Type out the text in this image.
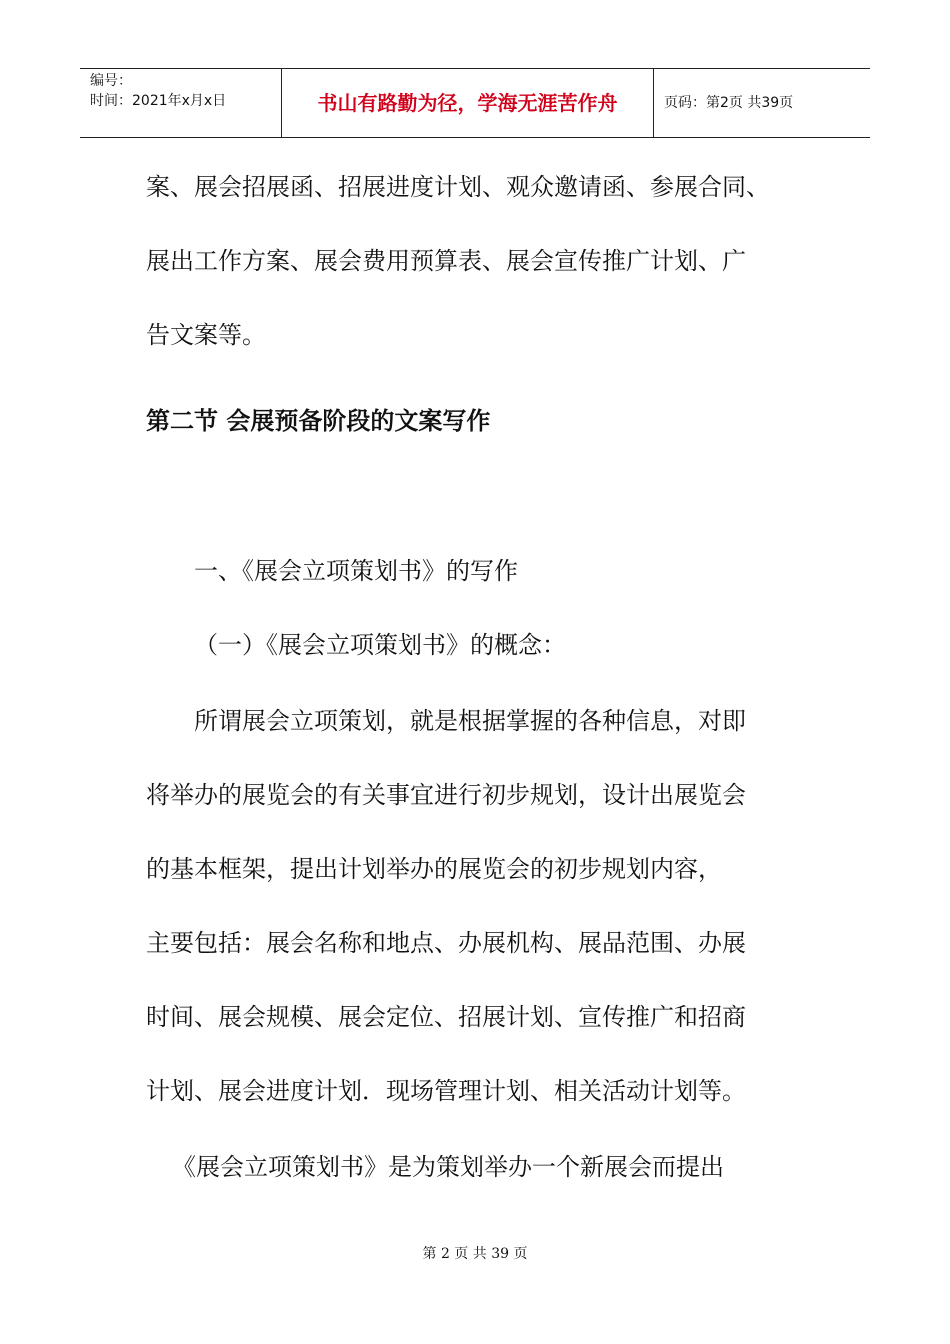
编号：
时间：2021年x月x日	书山有路勤为径，学海无涯苦作舟	页码：第2页 共39页
案、展会招展函、招展进度计划、观众邀请函、参展合同、
展出工作方案、展会费用预算表、展会宣传推广计划、广
告文案等。
第二节 会展预备阶段的文案写作
一、《展会立项策划书》的写作
（一）《展会立项策划书》的概念：
所谓展会立项策划，就是根据掌握的各种信息，对即
将举办的展览会的有关事宜进行初步规划，设计出展览会
的基本框架，提出计划举办的展览会的初步规划内容，
主要包括：展会名称和地点、办展机构、展品范围、办展
时间、展会规模、展会定位、招展计划、宣传推广和招商
计划、展会进度计划．现场管理计划、相关活动计划等。
《展会立项策划书》是为策划举办一个新展会而提出
第 2 页 共 39 页
